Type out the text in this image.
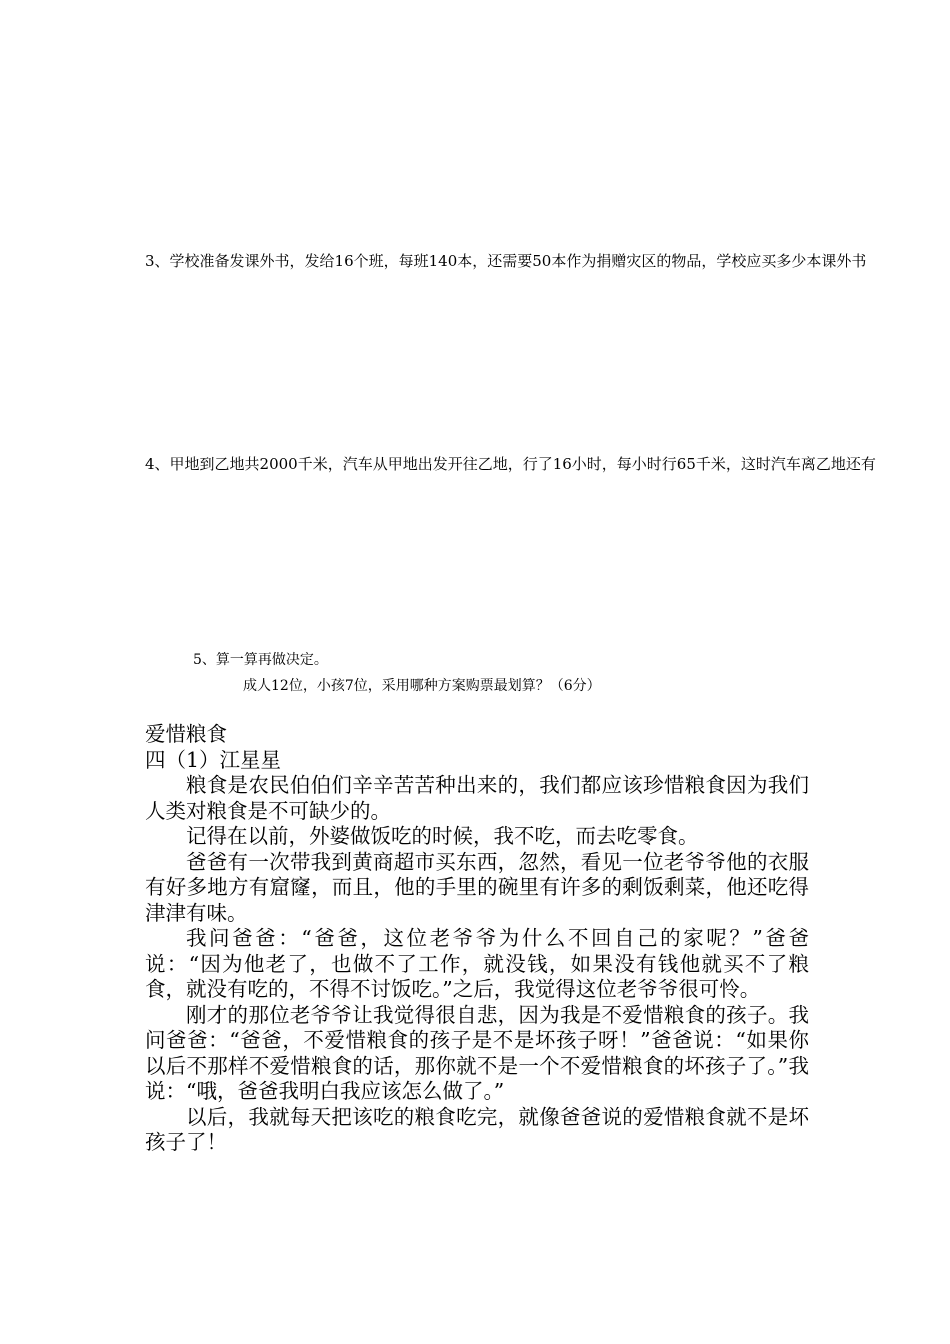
3、学校准备发课外书，发给16个班，每班140本，还需要50本作为捐赠灾区的物品，学校应买多少本课外书
4、甲地到乙地共2000千米，汽车从甲地出发开往乙地，行了16小时，每小时行65千米，这时汽车离乙地还有
5、算一算再做决定。
成人12位，小孩7位，采用哪种方案购票最划算？（6分）
爱惜粮食
四（1）江星星

粮食是农民伯伯们辛辛苦苦种出来的，我们都应该珍惜粮食因为我们人类对粮食是不可缺少的。

记得在以前，外婆做饭吃的时候，我不吃，而去吃零食。

爸爸有一次带我到黄商超市买东西，忽然，看见一位老爷爷他的衣服有好多地方有窟窿，而且，他的手里的碗里有许多的剩饭剩菜，他还吃得津津有味。

我问爸爸：“爸爸，这位老爷爷为什么不回自己的家呢？”爸爸说：“因为他老了，也做不了工作，就没钱，如果没有钱他就买不了粮食，就没有吃的，不得不讨饭吃。”之后，我觉得这位老爷爷很可怜。

刚才的那位老爷爷让我觉得很自悲，因为我是不爱惜粮食的孩子。我问爸爸：“爸爸，不爱惜粮食的孩子是不是坏孩子呀！”爸爸说：“如果你以后不那样不爱惜粮食的话，那你就不是一个不爱惜粮食的坏孩子了。”我说：“哦，爸爸我明白我应该怎么做了。”

以后，我就每天把该吃的粮食吃完，就像爸爸说的爱惜粮食就不是坏孩子了！
